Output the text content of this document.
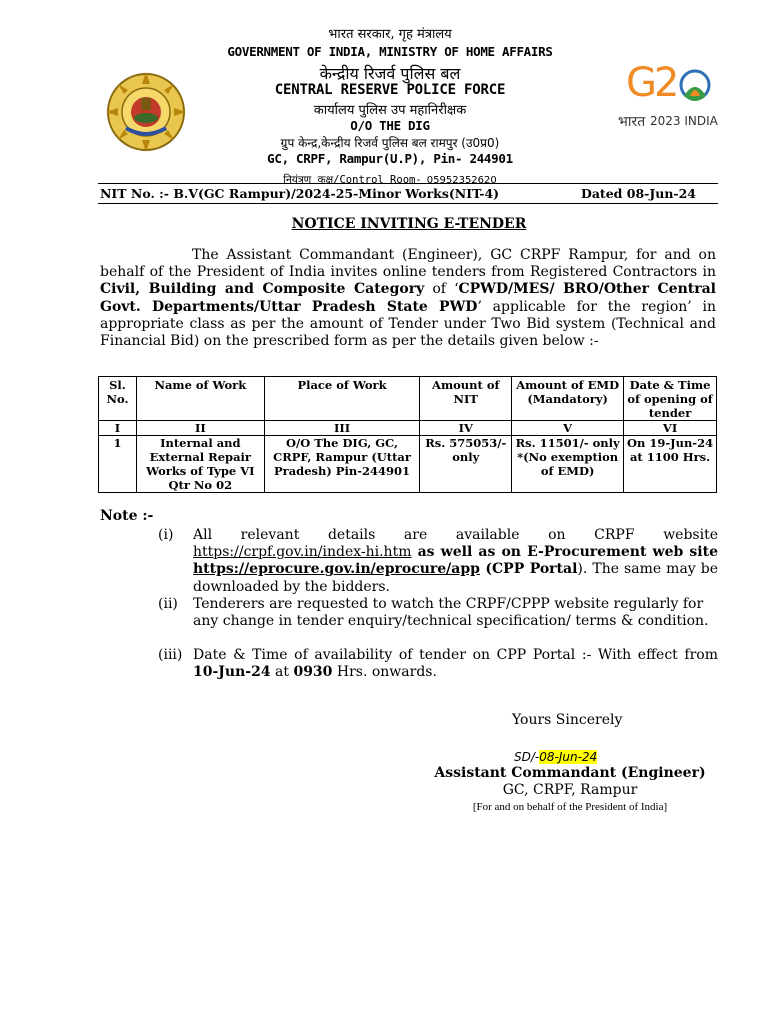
G2
भारत 2023 INDIA
भारत सरकार, गृह मंत्रालय
GOVERNMENT OF INDIA, MINISTRY OF HOME AFFAIRS
केन्द्रीय रिजर्व पुलिस बल
CENTRAL RESERVE POLICE FORCE
कार्यालय पुलिस उप महानिरीक्षक
O/O THE DIG
ग्रुप केन्द्र,केन्द्रीय रिजर्व पुलिस बल रामपुर (उ0प्र0)
GC, CRPF, Rampur(U.P), Pin- 244901
नियंत्रण कक्ष/Control Room- 05952352620
NIT No. :- B.V(GC Rampur)/2024-25-Minor Works(NIT-4)	Dated 08-Jun-24
NOTICE INVITING E-TENDER

The Assistant Commandant (Engineer), GC CRPF Rampur, for and on behalf of the President of India invites online tenders from Registered Contractors in Civil, Building and Composite Category of ‘CPWD/MES/ BRO/Other Central Govt. Departments/Uttar Pradesh State PWD’ applicable for the region’ in appropriate class as per the amount of Tender under Two Bid system (Technical and Financial Bid) on the prescribed form as per the details given below :-

Sl. No.	Name of Work	Place of Work	Amount of NIT	Amount of EMD (Mandatory)	Date & Time of opening of tender
I	II	III	IV	V	VI
1	Internal and External Repair Works of Type VI Qtr No 02	O/O The DIG, GC, CRPF, Rampur (Uttar Pradesh) Pin-244901	Rs. 575053/- only	Rs. 11501/- only *(No exemption of EMD)	On 19-Jun-24 at 1100 Hrs.
Note :-
(i)	All relevant details are available on CRPF website https://crpf.gov.in/index-hi.htm as well as on E-Procurement web site https://eprocure.gov.in/eprocure/app (CPP Portal). The same may be downloaded by the bidders.
(ii)	Tenderers are requested to watch the CRPF/CPPP website regularly for any change in tender enquiry/technical specification/ terms & condition.
(iii) Date & Time of availability of tender on CPP Portal :- With effect from 10-Jun-24 at 0930 Hrs. onwards.
Yours Sincerely
SD/-08-Jun-24
Assistant Commandant (Engineer)
GC, CRPF, Rampur
[For and on behalf of the President of India]
